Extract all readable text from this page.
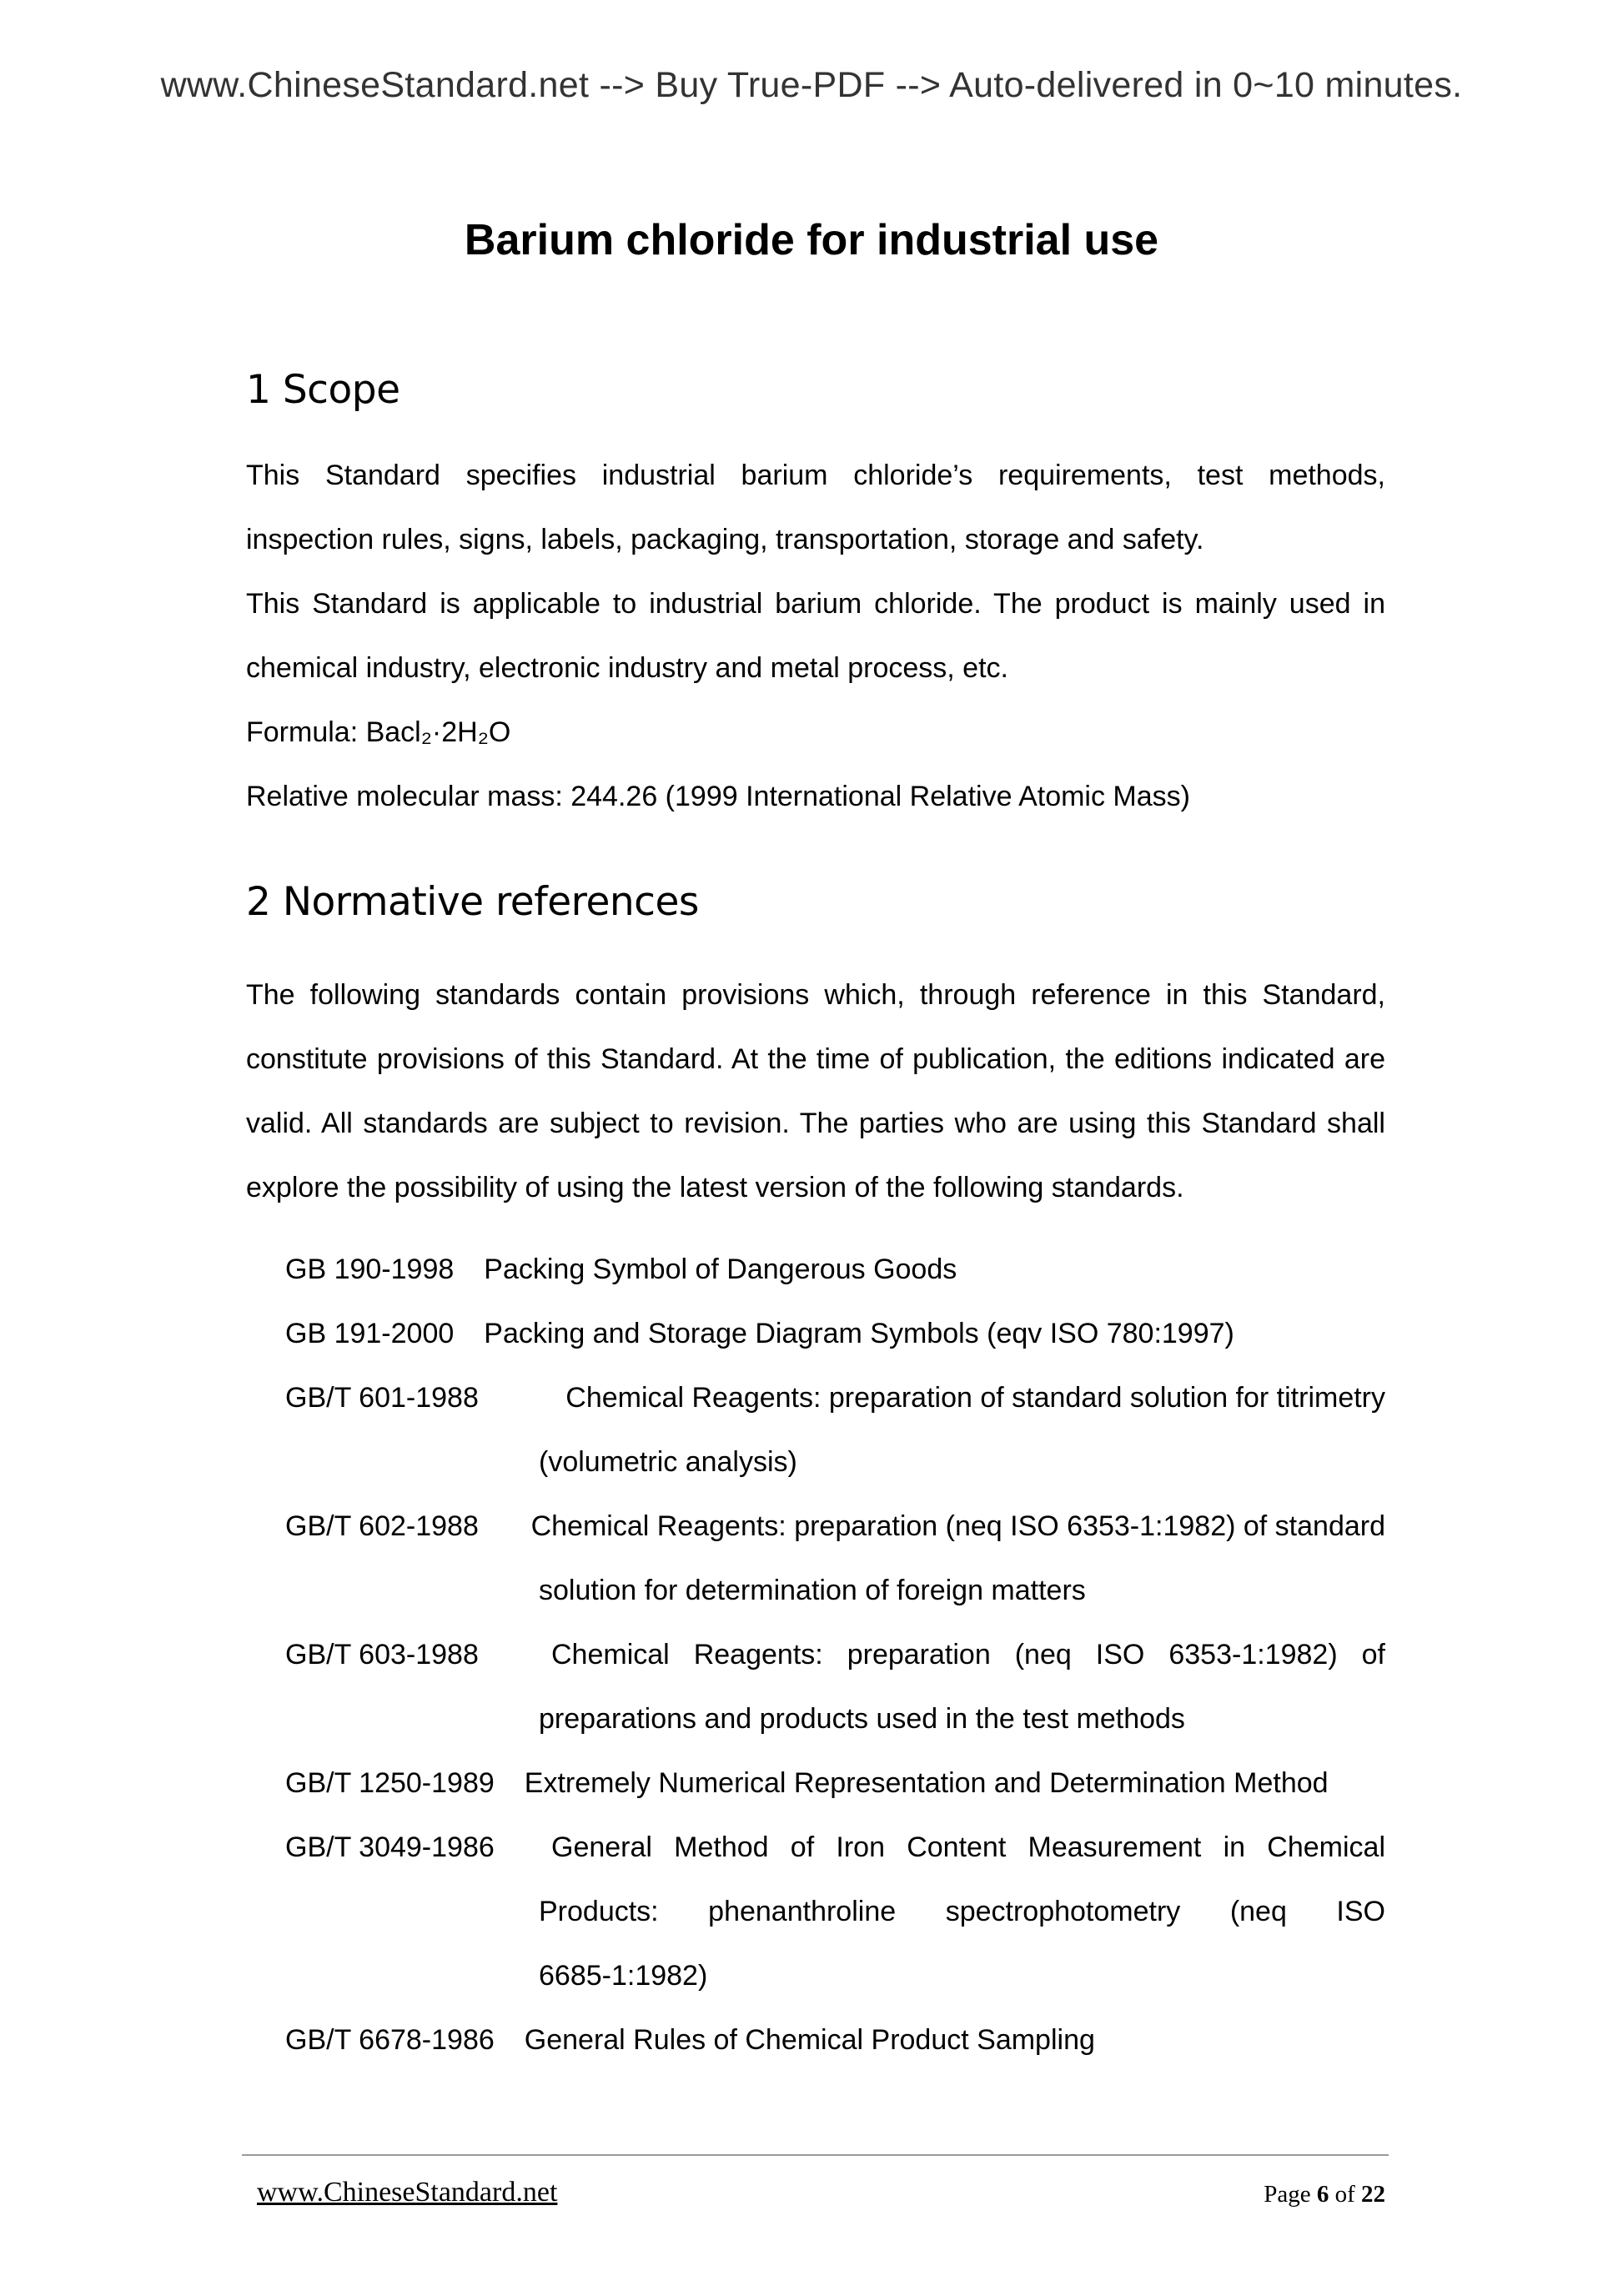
www.ChineseStandard.net --> Buy True-PDF --> Auto-delivered in 0~10 minutes.
Barium chloride for industrial use
1 Scope

This Standard specifies industrial barium chloride’s requirements, test methods,

inspection rules, signs, labels, packaging, transportation, storage and safety.

This Standard is applicable to industrial barium chloride. The product is mainly used in

chemical industry, electronic industry and metal process, etc.

Formula: Bacl₂·2H₂O

Relative molecular mass: 244.26 (1999 International Relative Atomic Mass)

2 Normative references

The following standards contain provisions which, through reference in this Standard,

constitute provisions of this Standard. At the time of publication, the editions indicated are

valid. All standards are subject to revision. The parties who are using this Standard shall

explore the possibility of using the latest version of the following standards.

GB 190-1998 Packing Symbol of Dangerous Goods
GB 191-2000 Packing and Storage Diagram Symbols (eqv ISO 780:1997)
GB/T 601-1988	Chemical Reagents: preparation of standard solution for titrimetry
(volumetric analysis)
GB/T 602-1988 Chemical Reagents: preparation (neq ISO 6353-1:1982) of standard
solution for determination of foreign matters
GB/T 603-1988	Chemical Reagents: preparation (neq ISO 6353-1:1982) of
preparations and products used in the test methods
GB/T 1250-1989 Extremely Numerical Representation and Determination Method
GB/T 3049-1986 General Method of Iron Content Measurement in Chemical
Products: phenanthroline spectrophotometry (neq ISO
6685-1:1982)
GB/T 6678-1986 General Rules of Chemical Product Sampling
www.ChineseStandard.net	Page 6 of 22
